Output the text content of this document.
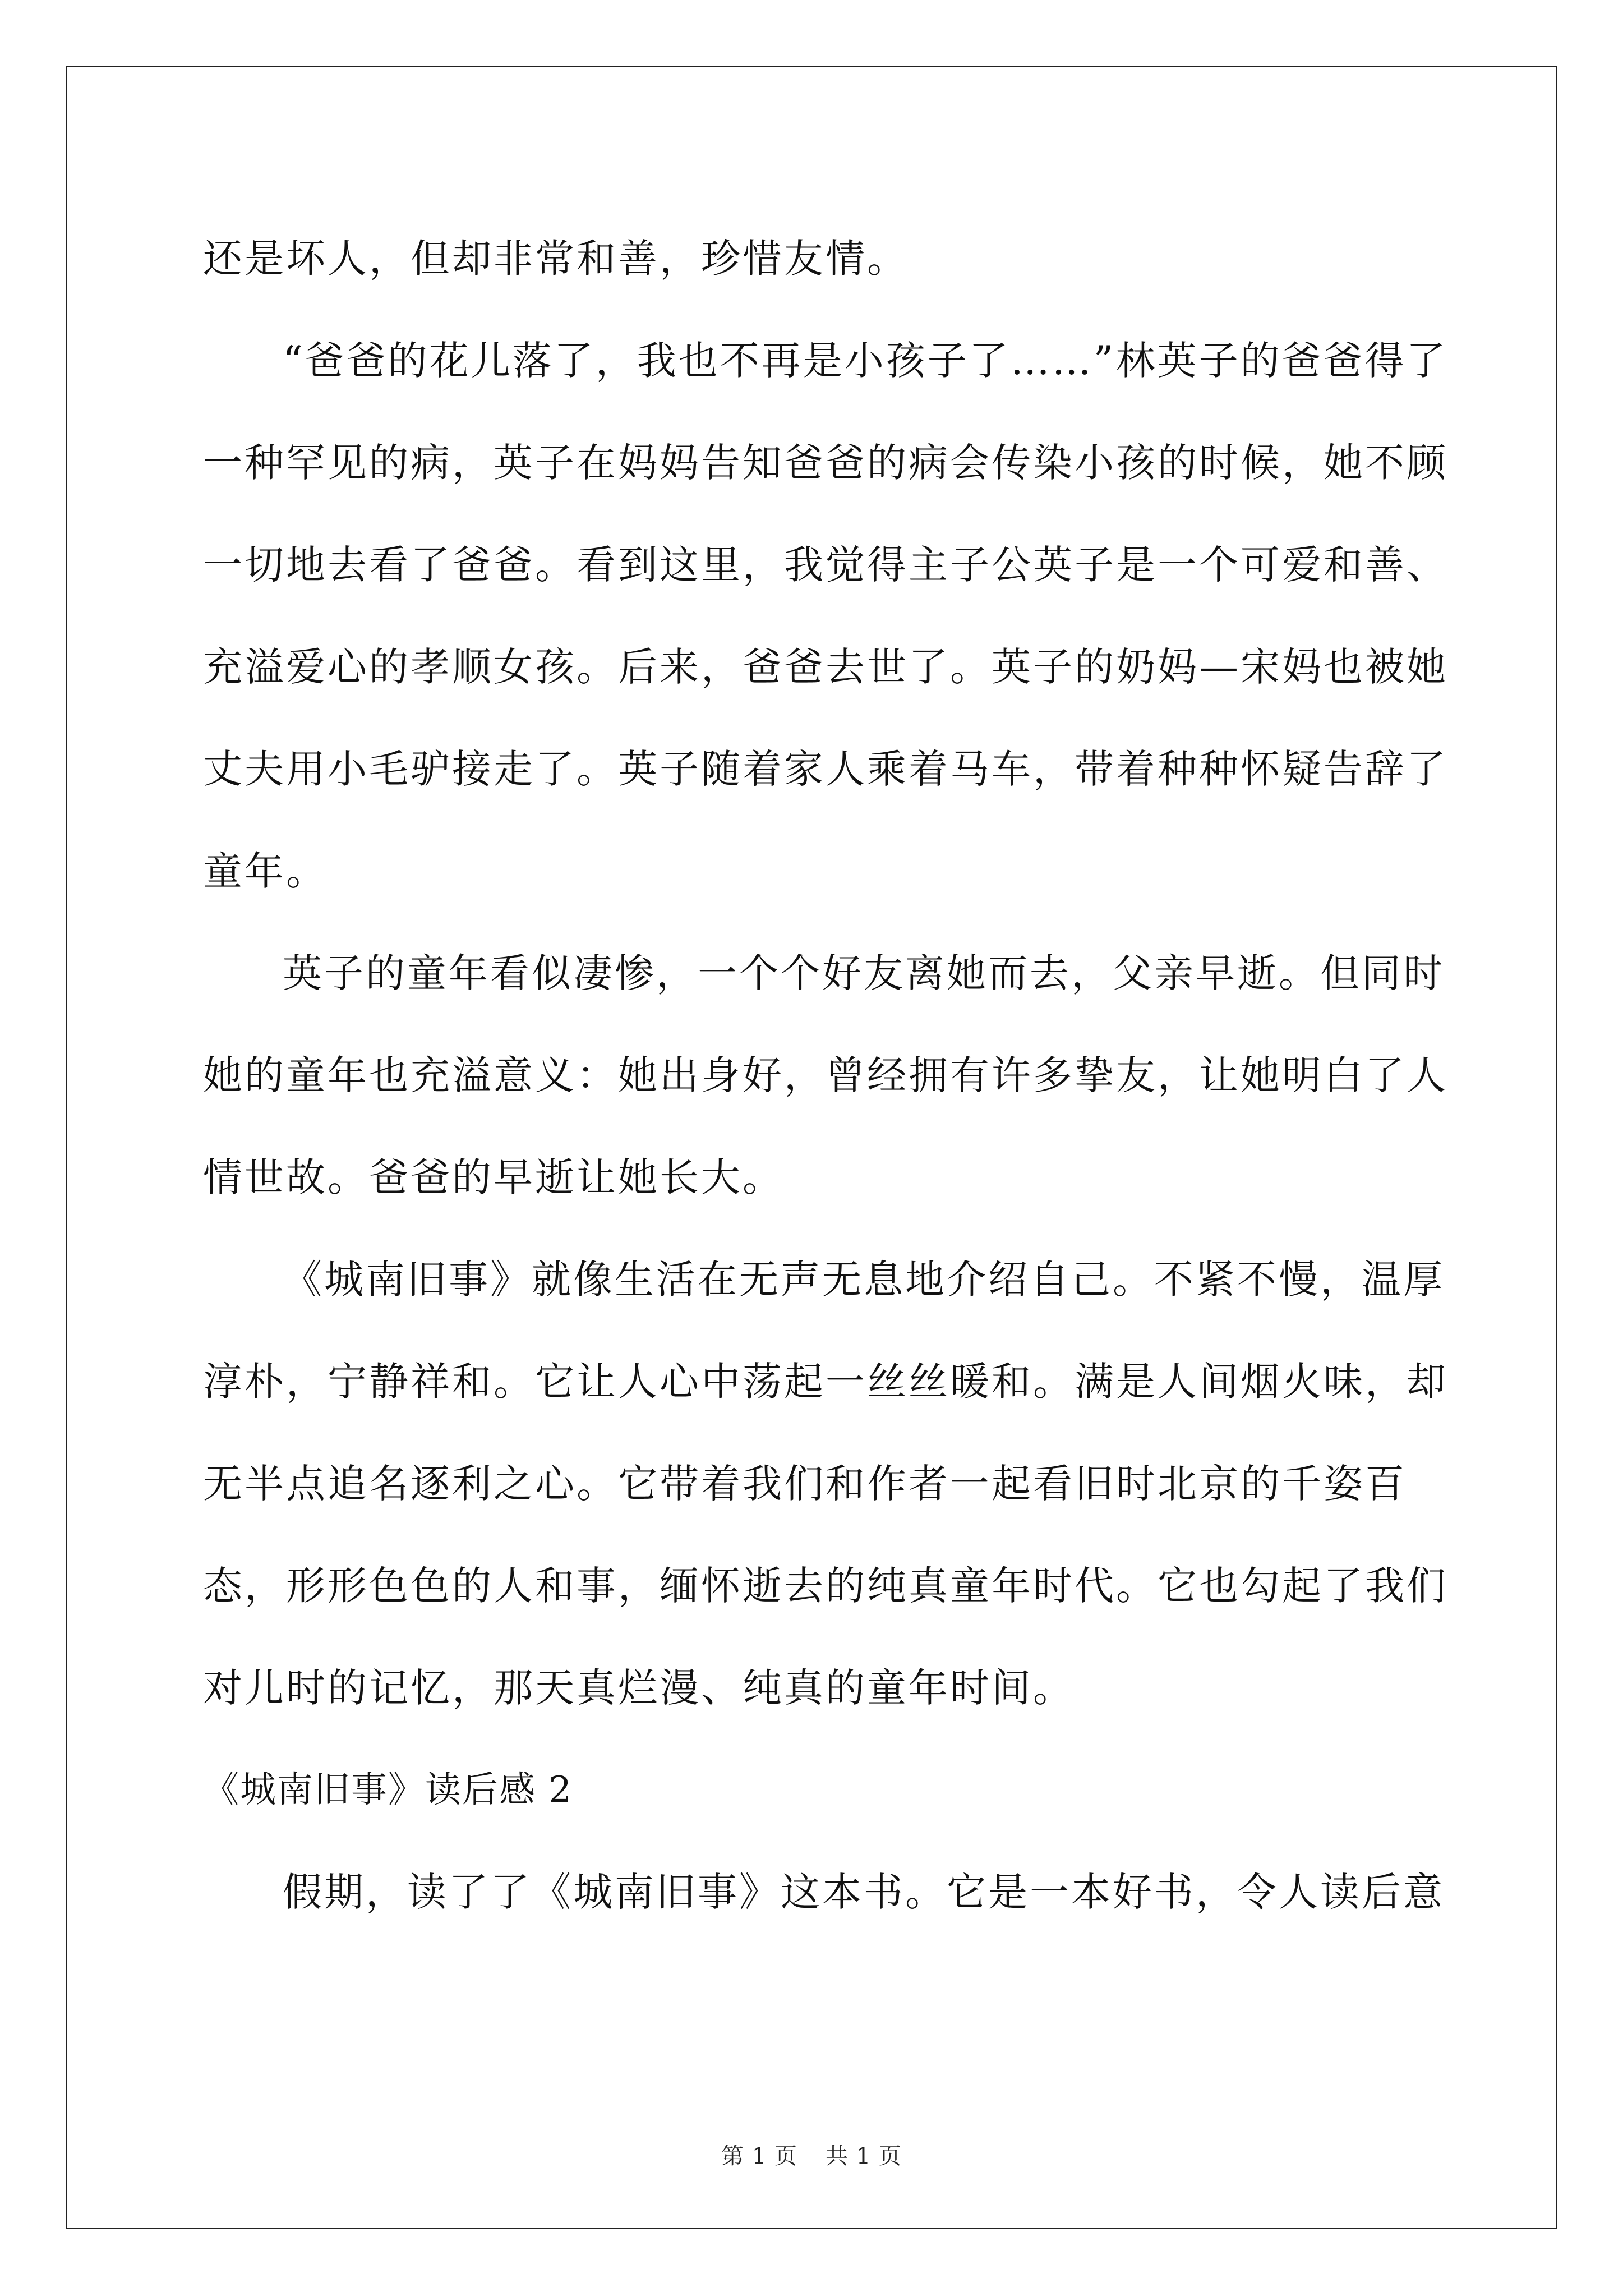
还是坏人，但却非常和善，珍惜友情。

“爸爸的花儿落了，我也不再是小孩子了……”林英子的爸爸得了一种罕见的病，英子在妈妈告知爸爸的病会传染小孩的时候，她不顾一切地去看了爸爸。看到这里，我觉得主子公英子是一个可爱和善、充溢爱心的孝顺女孩。后来，爸爸去世了。英子的奶妈—宋妈也被她丈夫用小毛驴接走了。英子随着家人乘着马车，带着种种怀疑告辞了童年。

英子的童年看似凄惨，一个个好友离她而去，父亲早逝。但同时她的童年也充溢意义：她出身好，曾经拥有许多挚友，让她明白了人情世故。爸爸的早逝让她长大。

《城南旧事》就像生活在无声无息地介绍自己。不紧不慢，温厚淳朴，宁静祥和。它让人心中荡起一丝丝暖和。满是人间烟火味，却无半点追名逐利之心。它带着我们和作者一起看旧时北京的千姿百态，形形色色的人和事，缅怀逝去的纯真童年时代。它也勾起了我们对儿时的记忆，那天真烂漫、纯真的童年时间。

《城南旧事》读后感 2

假期，读了了《城南旧事》这本书。它是一本好书，令人读后意

第 1 页 共 1 页
